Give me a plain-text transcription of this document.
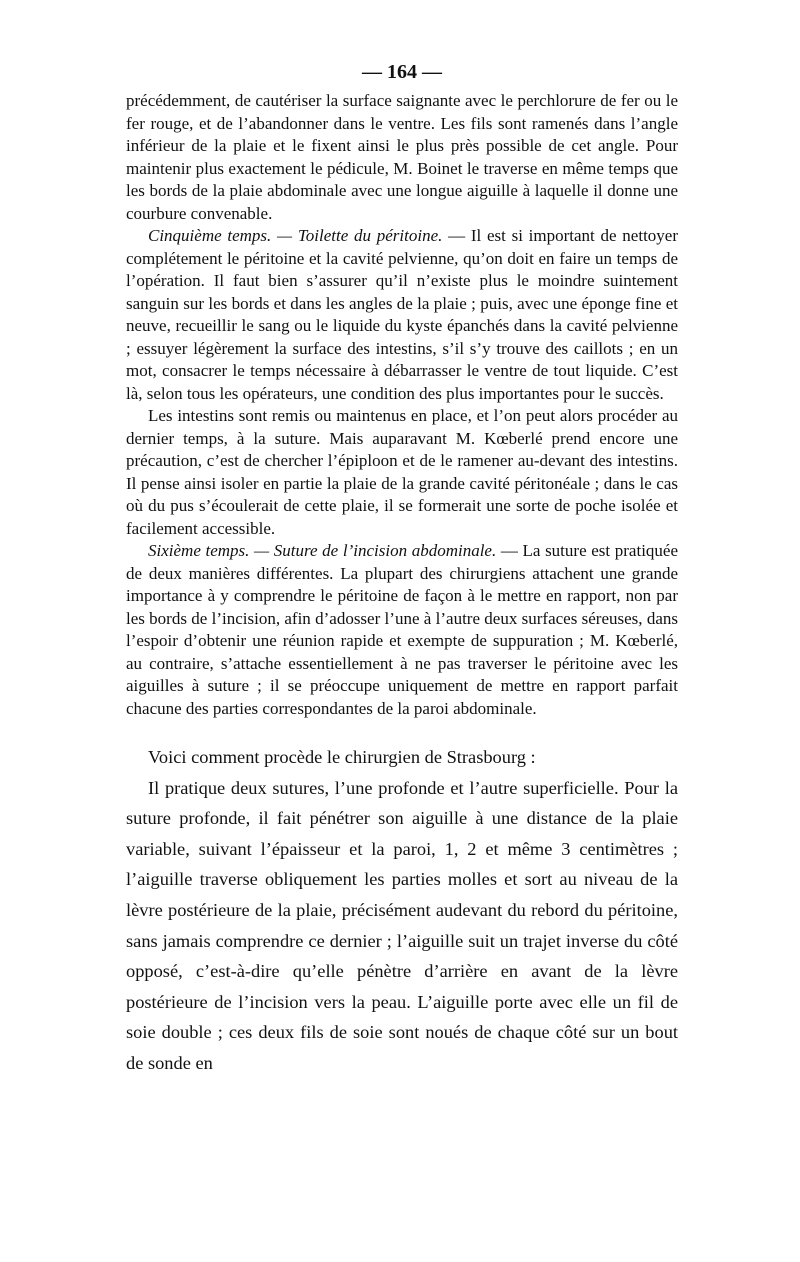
— 164 —

précédemment, de cautériser la surface saignante avec le perchlorure de fer ou le fer rouge, et de l’abandonner dans le ventre. Les fils sont ramenés dans l’angle inférieur de la plaie et le fixent ainsi le plus près possible de cet angle. Pour maintenir plus exactement le pédicule, M. Boinet le traverse en même temps que les bords de la plaie abdominale avec une longue aiguille à laquelle il donne une courbure convenable.

Cinquième temps. — Toilette du péritoine. — Il est si important de nettoyer complétement le péritoine et la cavité pelvienne, qu’on doit en faire un temps de l’opération. Il faut bien s’assurer qu’il n’existe plus le moindre suintement sanguin sur les bords et dans les angles de la plaie ; puis, avec une éponge fine et neuve, recueillir le sang ou le liquide du kyste épanchés dans la cavité pelvienne ; essuyer légèrement la surface des intestins, s’il s’y trouve des caillots ; en un mot, consacrer le temps nécessaire à débarrasser le ventre de tout liquide. C’est là, selon tous les opérateurs, une condition des plus importantes pour le succès.

Les intestins sont remis ou maintenus en place, et l’on peut alors procéder au dernier temps, à la suture. Mais auparavant M. Kœberlé prend encore une précaution, c’est de chercher l’épiploon et de le ramener au-devant des intestins. Il pense ainsi isoler en partie la plaie de la grande cavité péritonéale ; dans le cas où du pus s’écoulerait de cette plaie, il se formerait une sorte de poche isolée et facilement accessible.

Sixième temps. — Suture de l’incision abdominale. — La suture est pratiquée de deux manières différentes. La plupart des chirurgiens attachent une grande importance à y comprendre le péritoine de façon à le mettre en rapport, non par les bords de l’incision, afin d’adosser l’une à l’autre deux surfaces séreuses, dans l’espoir d’obtenir une réunion rapide et exempte de suppuration ; M. Kœberlé, au contraire, s’attache essentiellement à ne pas traverser le péritoine avec les aiguilles à suture ; il se préoccupe uniquement de mettre en rapport parfait chacune des parties correspondantes de la paroi abdominale.

Voici comment procède le chirurgien de Strasbourg :

Il pratique deux sutures, l’une profonde et l’autre superficielle. Pour la suture profonde, il fait pénétrer son aiguille à une distance de la plaie variable, suivant l’épaisseur et la paroi, 1, 2 et même 3 centimètres ; l’aiguille traverse obliquement les parties molles et sort au niveau de la lèvre postérieure de la plaie, précisément audevant du rebord du péritoine, sans jamais comprendre ce dernier ; l’aiguille suit un trajet inverse du côté opposé, c’est-à-dire qu’elle pénètre d’arrière en avant de la lèvre postérieure de l’incision vers la peau. L’aiguille porte avec elle un fil de soie double ; ces deux fils de soie sont noués de chaque côté sur un bout de sonde en
